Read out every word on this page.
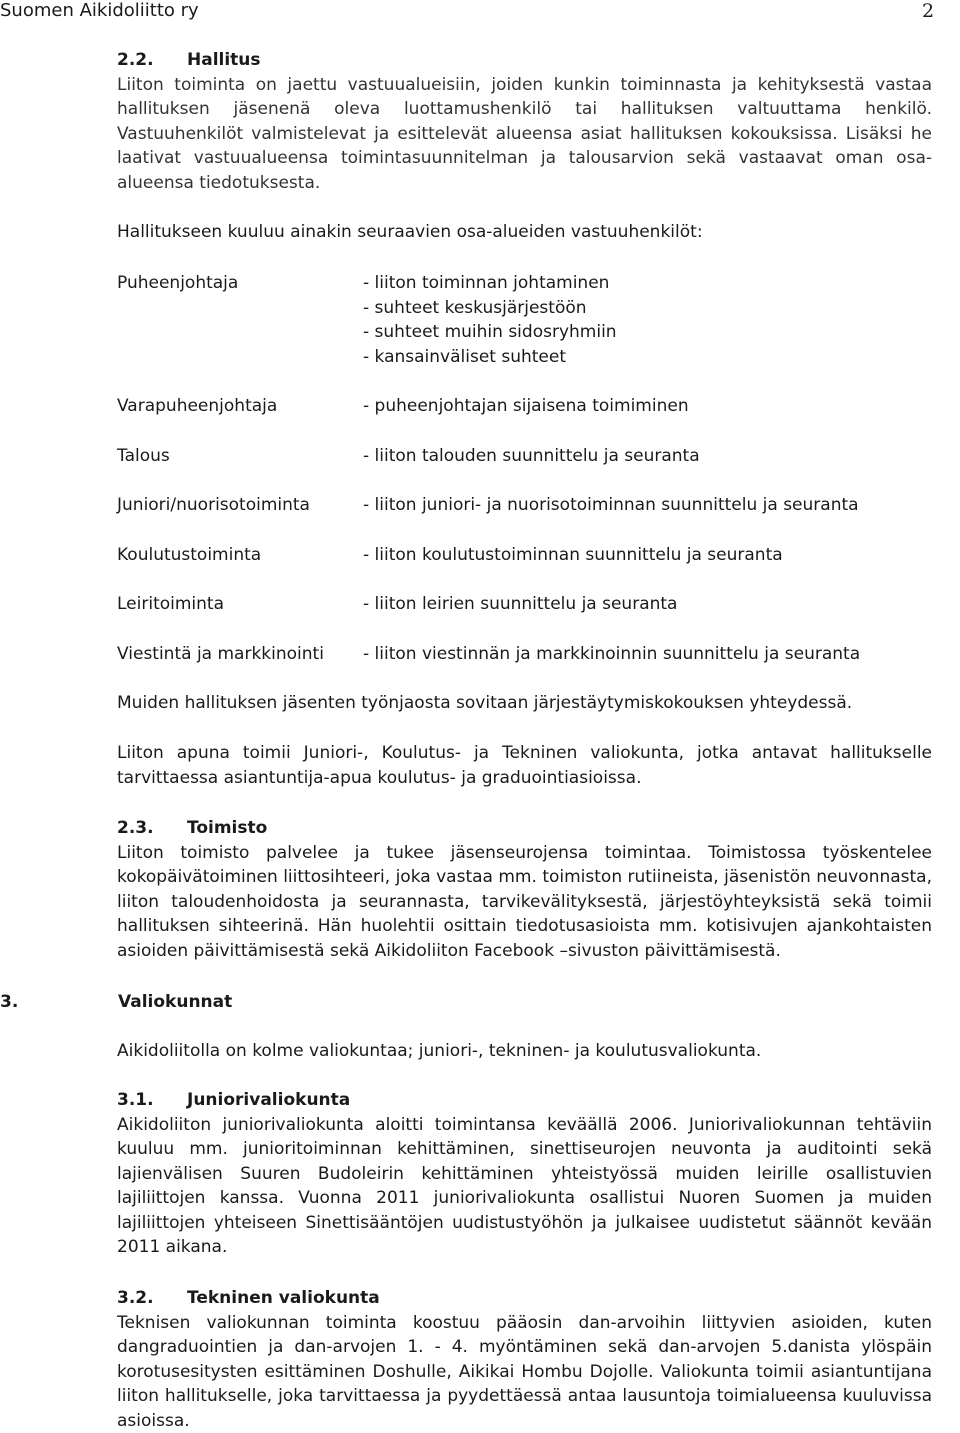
Suomen Aikidoliitto ry	2
2.2. Hallitus

Liiton toiminta on jaettu vastuualueisiin, joiden kunkin toiminnasta ja kehityksestä vastaa hallituksen jäsenenä oleva luottamushenkilö tai hallituksen valtuuttama henkilö. Vastuuhenkilöt valmistelevat ja esittelevät alueensa asiat hallituksen kokouksissa. Lisäksi he laativat vastuualueensa toimintasuunnitelman ja talousarvion sekä vastaavat oman osa-alueensa tiedotuksesta.

Hallitukseen kuuluu ainakin seuraavien osa-alueiden vastuuhenkilöt:

Puheenjohtaja	- liiton toiminnan johtaminen
- suhteet keskusjärjestöön
- suhteet muihin sidosryhmiin
- kansainväliset suhteet
Varapuheenjohtaja	- puheenjohtajan sijaisena toimiminen
Talous	- liiton talouden suunnittelu ja seuranta
Juniori/nuorisotoiminta	- liiton juniori- ja nuorisotoiminnan suunnittelu ja seuranta
Koulutustoiminta	- liiton koulutustoiminnan suunnittelu ja seuranta
Leiritoiminta	- liiton leirien suunnittelu ja seuranta
Viestintä ja markkinointi - liiton viestinnän ja markkinoinnin suunnittelu ja seuranta

Muiden hallituksen jäsenten työnjaosta sovitaan järjestäytymiskokouksen yhteydessä.

Liiton apuna toimii Juniori-, Koulutus- ja Tekninen valiokunta, jotka antavat hallitukselle tarvittaessa asiantuntija-apua koulutus- ja graduointiasioissa.

2.3. Toimisto

Liiton toimisto palvelee ja tukee jäsenseurojensa toimintaa. Toimistossa työskentelee kokopäivätoiminen liittosihteeri, joka vastaa mm. toimiston rutiineista, jäsenistön neuvonnasta, liiton taloudenhoidosta ja seurannasta, tarvikevälityksestä, järjestöyhteyksistä sekä toimii hallituksen sihteerinä. Hän huolehtii osittain tiedotusasioista mm. kotisivujen ajankohtaisten asioiden päivittämisestä sekä Aikidoliiton Facebook –sivuston päivittämisestä.

3.	Valiokunnat

Aikidoliitolla on kolme valiokuntaa; juniori-, tekninen- ja koulutusvaliokunta.

3.1. Juniorivaliokunta

Aikidoliiton juniorivaliokunta aloitti toimintansa keväällä 2006. Juniorivaliokunnan tehtäviin kuuluu mm. junioritoiminnan kehittäminen, sinettiseurojen neuvonta ja auditointi sekä lajienvälisen Suuren Budoleirin kehittäminen yhteistyössä muiden leirille osallistuvien lajiliittojen kanssa. Vuonna 2011 juniorivaliokunta osallistui Nuoren Suomen ja muiden lajiliittojen yhteiseen Sinettisääntöjen uudistustyöhön ja julkaisee uudistetut säännöt kevään 2011 aikana.

3.2. Tekninen valiokunta

Teknisen valiokunnan toiminta koostuu pääosin dan-arvoihin liittyvien asioiden, kuten dangraduointien ja dan-arvojen 1. - 4. myöntäminen sekä dan-arvojen 5.danista ylöspäin korotusesitysten esittäminen Doshulle, Aikikai Hombu Dojolle. Valiokunta toimii asiantuntijana liiton hallitukselle, joka tarvittaessa ja pyydettäessä antaa lausuntoja toimialueensa kuuluvissa asioissa.
